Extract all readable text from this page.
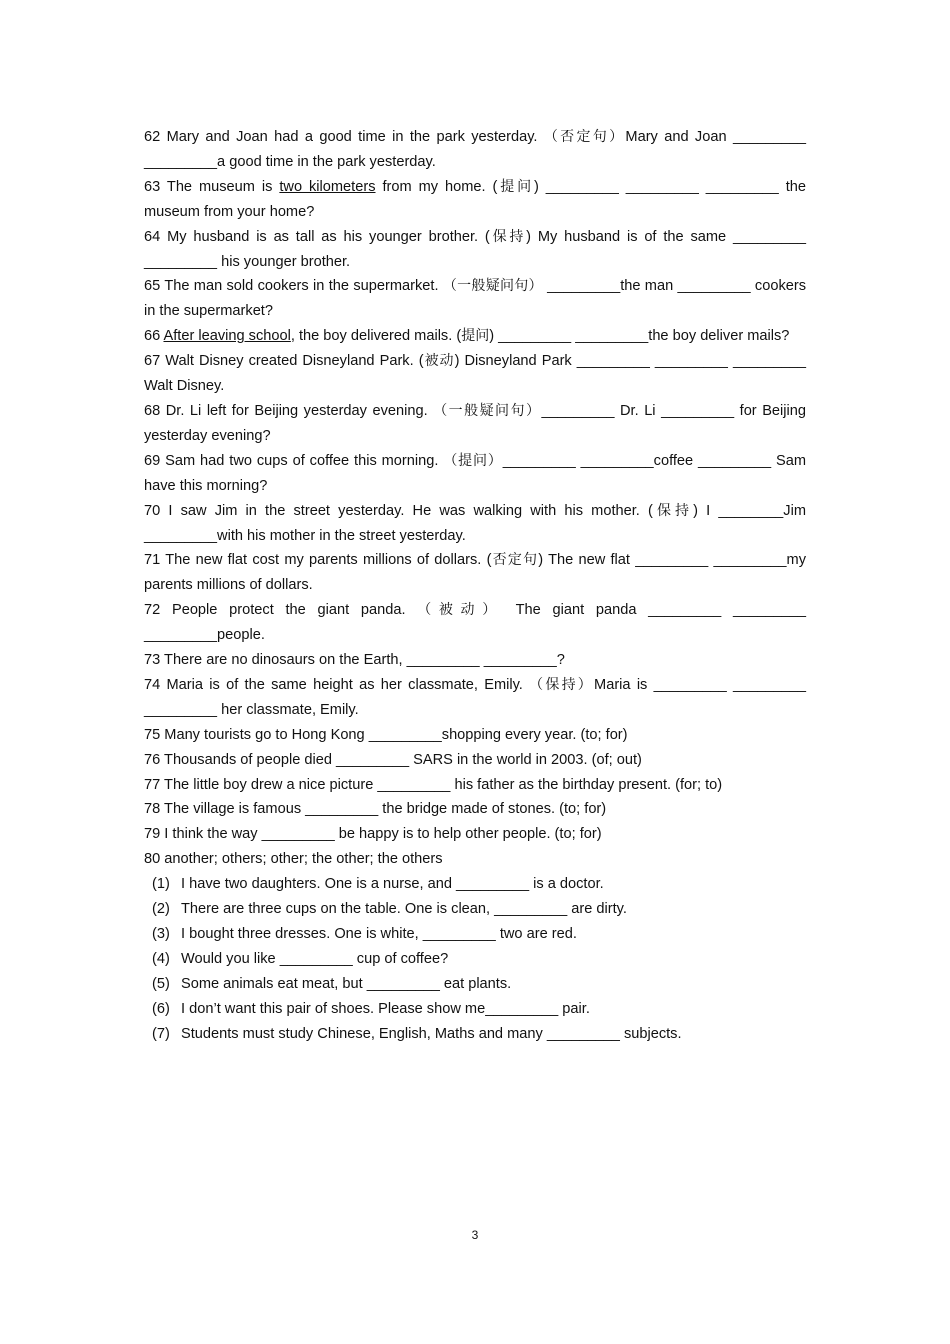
62 Mary and Joan had a good time in the park yesterday. （否定句）Mary and Joan _________ _________a good time in the park yesterday.

63 The museum is two kilometers from my home. (提问) _________ _________ _________ the museum from your home?

64 My husband is as tall as his younger brother. (保持) My husband is of the same _________ _________ his younger brother.

65 The man sold cookers in the supermarket. （一般疑问句） _________the man _________ cookers in the supermarket?

66 After leaving school, the boy delivered mails. (提问) _________ _________the boy deliver mails?

67 Walt Disney created Disneyland Park. (被动) Disneyland Park _________ _________ _________ Walt Disney.

68 Dr. Li left for Beijing yesterday evening. （一般疑问句）_________ Dr. Li _________ for Beijing yesterday evening?

69 Sam had two cups of coffee this morning. （提问）_________ _________coffee _________ Sam have this morning?

70 I saw Jim in the street yesterday. He was walking with his mother. (保持) I ________Jim _________with his mother in the street yesterday.

71 The new flat cost my parents millions of dollars. (否定句) The new flat _________ _________my parents millions of dollars.

72 People protect the giant panda. （被动） The giant panda _________ _________ _________people.

73 There are no dinosaurs on the Earth, _________ _________?

74 Maria is of the same height as her classmate, Emily. （保持）Maria is _________ _________ _________ her classmate, Emily.

75 Many tourists go to Hong Kong _________shopping every year. (to; for)

76 Thousands of people died _________ SARS in the world in 2003. (of; out)

77 The little boy drew a nice picture _________ his father as the birthday present. (for; to)

78 The village is famous _________ the bridge made of stones. (to; for)

79 I think the way _________ be happy is to help other people. (to; for)

80 another; others; other; the other; the others

(1) I have two daughters. One is a nurse, and _________ is a doctor.

(2) There are three cups on the table. One is clean, _________ are dirty.

(3) I bought three dresses. One is white, _________ two are red.

(4) Would you like _________ cup of coffee?

(5) Some animals eat meat, but _________ eat plants.

(6) I don’t want this pair of shoes. Please show me_________ pair.

(7) Students must study Chinese, English, Maths and many _________ subjects.

3
